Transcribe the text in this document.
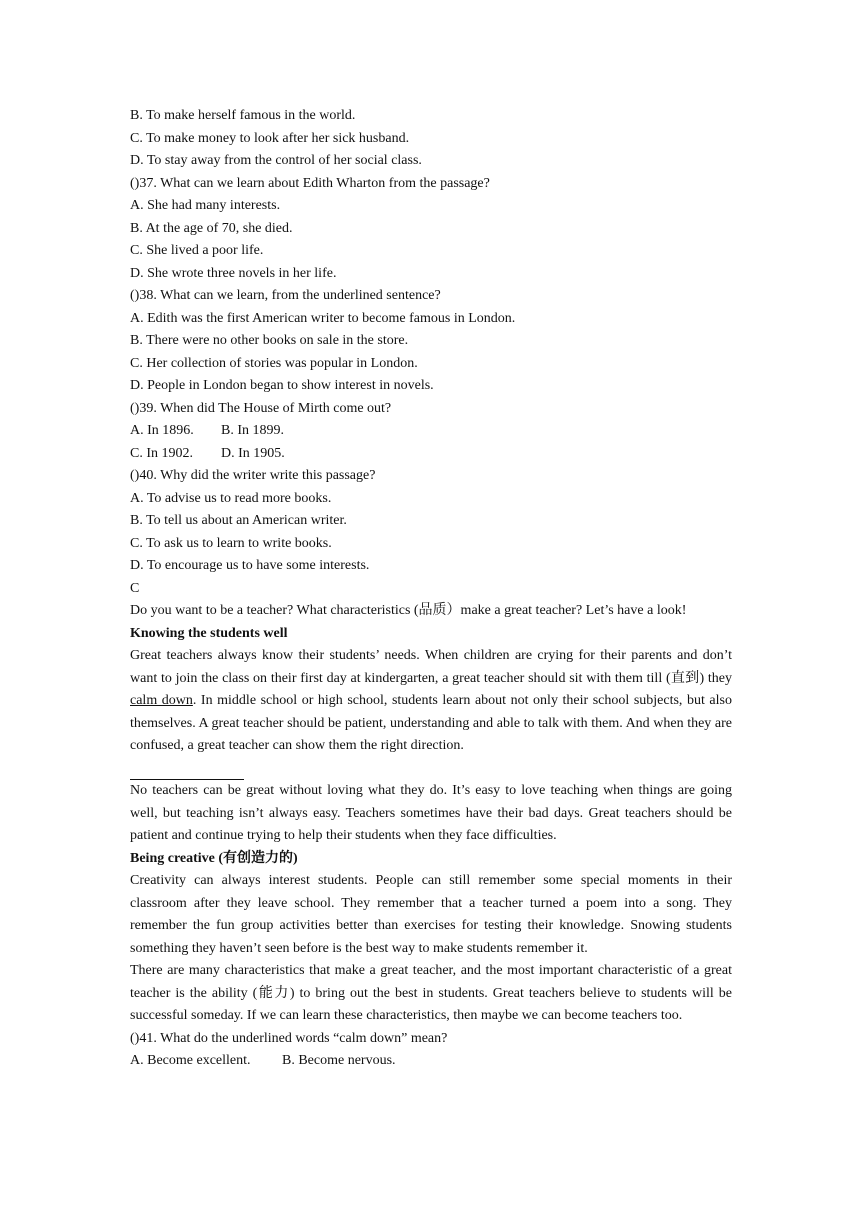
B. To make herself famous in the world.
C. To make money to look after her sick husband.
D. To stay away from the control of her social class.
()37. What can we learn about Edith Wharton from the passage?
A. She had many interests.
B. At the age of 70, she died.
C. She lived a poor life.
D. She wrote three novels in her life.
()38. What can we learn, from the underlined sentence?
A. Edith was the first American writer to become famous in London.
B. There were no other books on sale in the store.
C. Her collection of stories was popular in London.
D. People in London began to show interest in novels.
()39. When did The House of Mirth come out?
A. In 1896. B. In 1899.
C. In 1902. D. In 1905.
()40. Why did the writer write this passage?
A. To advise us to read more books.
B. To tell us about an American writer.
C. To ask us to learn to write books.
D. To encourage us to have some interests.
C
Do you want to be a teacher? What characteristics (品质）make a great teacher? Let’s have a look!
Knowing the students well
Great teachers always know their students’ needs. When children are crying for their parents and don’t want to join the class on their first day at kindergarten, a great teacher should sit with them till (直到) they calm down. In middle school or high school, students learn about not only their school subjects, but also themselves. A great teacher should be patient, understanding and able to talk with them. And when they are confused, a great teacher can show them the right direction.
No teachers can be great without loving what they do. It’s easy to love teaching when things are going well, but teaching isn’t always easy. Teachers sometimes have their bad days. Great teachers should be patient and continue trying to help their students when they face difficulties.
Being creative (有创造力的)
Creativity can always interest students. People can still remember some special moments in their classroom after they leave school. They remember that a teacher turned a poem into a song. They remember the fun group activities better than exercises for testing their knowledge. Snowing students something they haven’t seen before is the best way to make students remember it.
There are many characteristics that make a great teacher, and the most important characteristic of a great teacher is the ability (能力) to bring out the best in students. Great teachers believe to students will be successful someday. If we can learn these characteristics, then maybe we can become teachers too.
()41. What do the underlined words “calm down” mean?
A. Become excellent. B. Become nervous.
